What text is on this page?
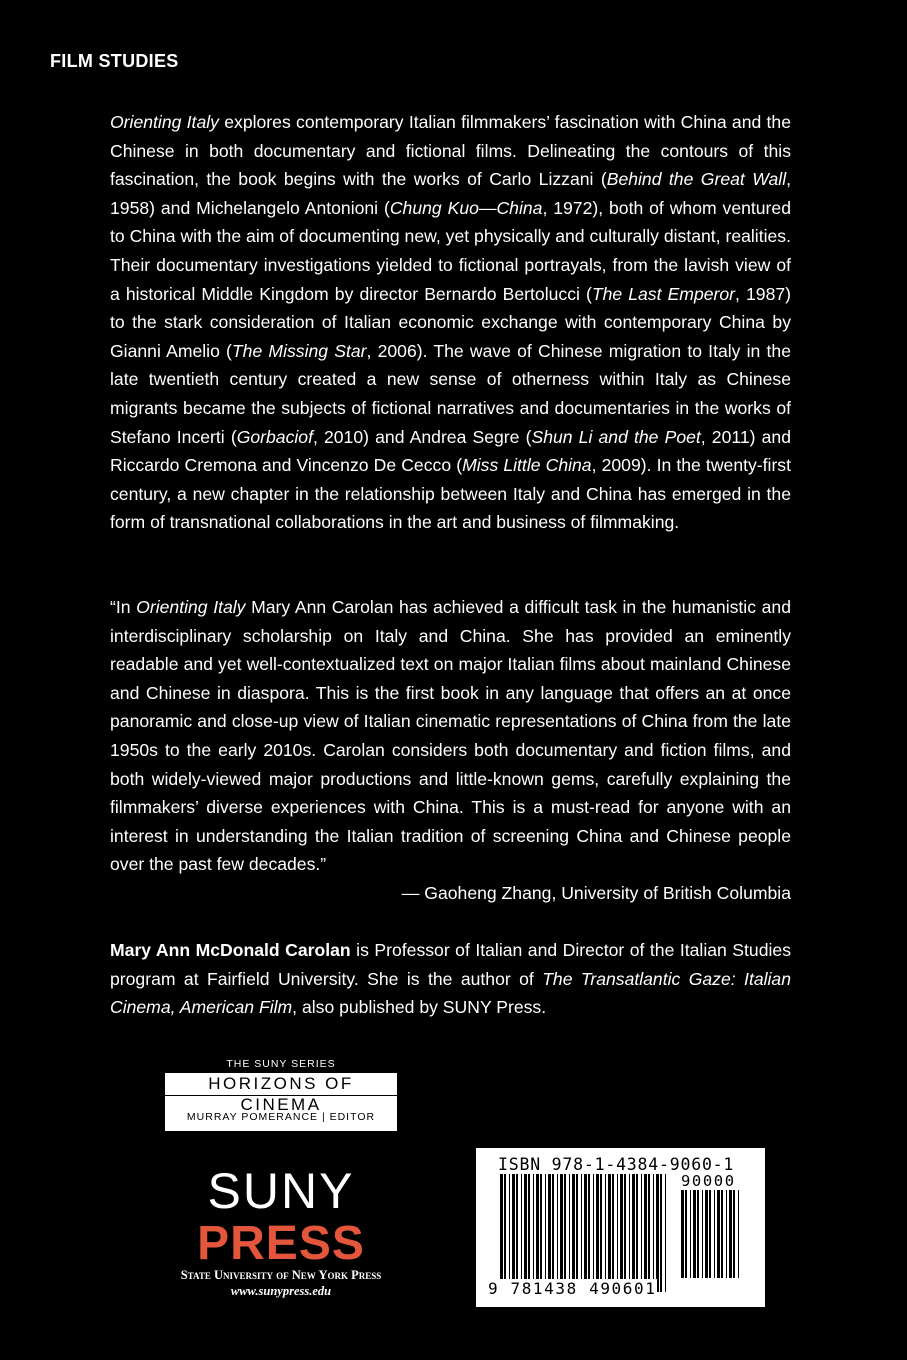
FILM STUDIES

Orienting Italy explores contemporary Italian filmmakers’ fascination with China and the Chinese in both documentary and fictional films. Delineating the contours of this fascination, the book begins with the works of Carlo Lizzani (Behind the Great Wall, 1958) and Michelangelo Antonioni (Chung Kuo—China, 1972), both of whom ventured to China with the aim of documenting new, yet physically and culturally distant, realities. Their documentary investigations yielded to fictional portrayals, from the lavish view of a historical Middle Kingdom by director Bernardo Bertolucci (The Last Emperor, 1987) to the stark consideration of Italian economic exchange with contemporary China by Gianni Amelio (The Missing Star, 2006). The wave of Chinese migration to Italy in the late twentieth century created a new sense of otherness within Italy as Chinese migrants became the subjects of fictional narratives and documentaries in the works of Stefano Incerti (Gorbaciof, 2010) and Andrea Segre (Shun Li and the Poet, 2011) and Riccardo Cremona and Vincenzo De Cecco (Miss Little China, 2009). In the twenty-first century, a new chapter in the relationship between Italy and China has emerged in the form of transnational collaborations in the art and business of filmmaking.

“In Orienting Italy Mary Ann Carolan has achieved a difficult task in the humanistic and interdisciplinary scholarship on Italy and China. She has provided an eminently readable and yet well-contextualized text on major Italian films about mainland Chinese and Chinese in diaspora. This is the first book in any language that offers an at once panoramic and close-up view of Italian cinematic representations of China from the late 1950s to the early 2010s. Carolan considers both documentary and fiction films, and both widely-viewed major productions and little-known gems, carefully explaining the filmmakers’ diverse experiences with China. This is a must-read for anyone with an interest in understanding the Italian tradition of screening China and Chinese people over the past few decades.”

— Gaoheng Zhang, University of British Columbia

Mary Ann McDonald Carolan is Professor of Italian and Director of the Italian Studies program at Fairfield University. She is the author of The Transatlantic Gaze: Italian Cinema, American Film, also published by SUNY Press.

THE SUNY SERIES
HORIZONS OF CINEMA
MURRAY POMERANCE | EDITOR
SUNY
PRESS
State University of New York Press
www.sunypress.edu
ISBN 978-1-4384-9060-1
90000
9 781438 490601
